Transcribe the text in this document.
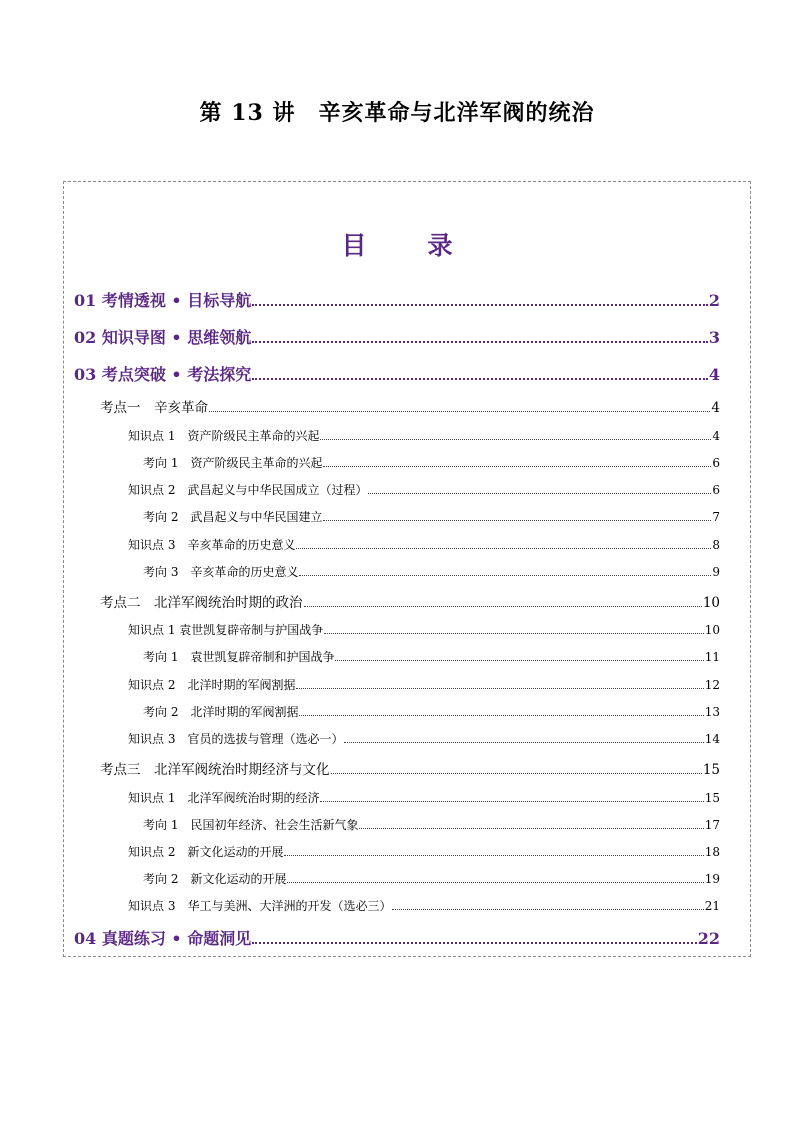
第 13 讲　辛亥革命与北洋军阀的统治
目　录
01 考情透视 • 目标导航	2
02 知识导图 • 思维领航	3
03 考点突破 • 考法探究	4
考点一　辛亥革命	4
知识点 1　资产阶级民主革命的兴起	4
考向 1　资产阶级民主革命的兴起	6
知识点 2　武昌起义与中华民国成立（过程）	6
考向 2　武昌起义与中华民国建立	7
知识点 3　辛亥革命的历史意义	8
考向 3　辛亥革命的历史意义	9
考点二　北洋军阀统治时期的政治	10
知识点 1 袁世凯复辟帝制与护国战争	10
考向 1　袁世凯复辟帝制和护国战争	11
知识点 2　北洋时期的军阀割据	12
考向 2　北洋时期的军阀割据	13
知识点 3　官员的选拔与管理（选必一）	14
考点三　北洋军阀统治时期经济与文化	15
知识点 1　北洋军阀统治时期的经济	15
考向 1　民国初年经济、社会生活新气象	17
知识点 2　新文化运动的开展	18
考向 2　新文化运动的开展	19
知识点 3　华工与美洲、大洋洲的开发（选必三）	21
04 真题练习 • 命题洞见	22
